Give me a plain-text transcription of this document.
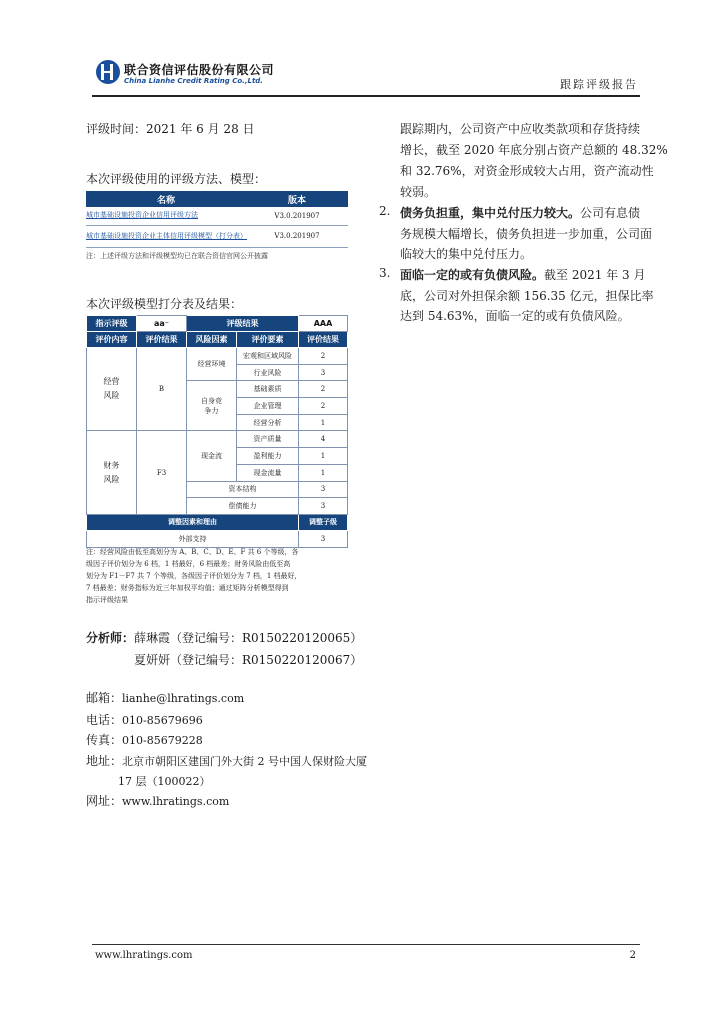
联合资信评估股份有限公司
China Lianhe Credit Rating Co.,Ltd.	跟踪评级报告
评级时间：2021 年 6 月 28 日
本次评级使用的评级方法、模型：
名称	版本
城市基础设施投资企业信用评级方法	V3.0.201907
城市基础设施投资企业主体信用评级模型（打分表）	V3.0.201907
注：上述评级方法和评级模型均已在联合资信官网公开披露
本次评级模型打分表及结果：
指示评级	aa⁻	评级结果		AAA
评价内容	评价结果	风险因素	评价要素	评价结果
经营风险	B	经营环境	宏观和区域风险	2
			行业风险	3
		自身竞争力	基础素质	2
			企业管理	2
			经营分析	1
财务风险	F3	现金流	资产质量	4
			盈利能力	1
			现金流量	1
		资本结构		3
		偿债能力		3
调整因素和理由				调整子级
外部支持				3
注：经营风险由低至高划分为 A、B、C、D、E、F 共 6 个等级，各
级因子评价划分为 6 档，1 档最好，6 档最差；财务风险由低至高
划分为 F1－F7 共 7 个等级，各级因子评价划分为 7 档，1 档最好，
7 档最差；财务指标为近三年加权平均值；通过矩阵分析模型得到
指示评级结果
分析师：薛琳霞（登记编号：R0150220120065）
夏妍妍（登记编号：R0150220120067）
邮箱：lianhe@lhratings.com
电话：010-85679696
传真：010-85679228
地址：北京市朝阳区建国门外大街 2 号中国人保财险大厦
17 层（100022）
网址：www.lhratings.com
跟踪期内，公司资产中应收类款项和存货持续
增长，截至 2020 年底分别占资产总额的 48.32%
和 32.76%，对资金形成较大占用，资产流动性
较弱。
2. 债务负担重，集中兑付压力较大。公司有息债
务规模大幅增长，债务负担进一步加重，公司面
临较大的集中兑付压力。
3. 面临一定的或有负债风险。截至 2021 年 3 月
底，公司对外担保余额 156.35 亿元，担保比率
达到 54.63%，面临一定的或有负债风险。
www.lhratings.com	2
